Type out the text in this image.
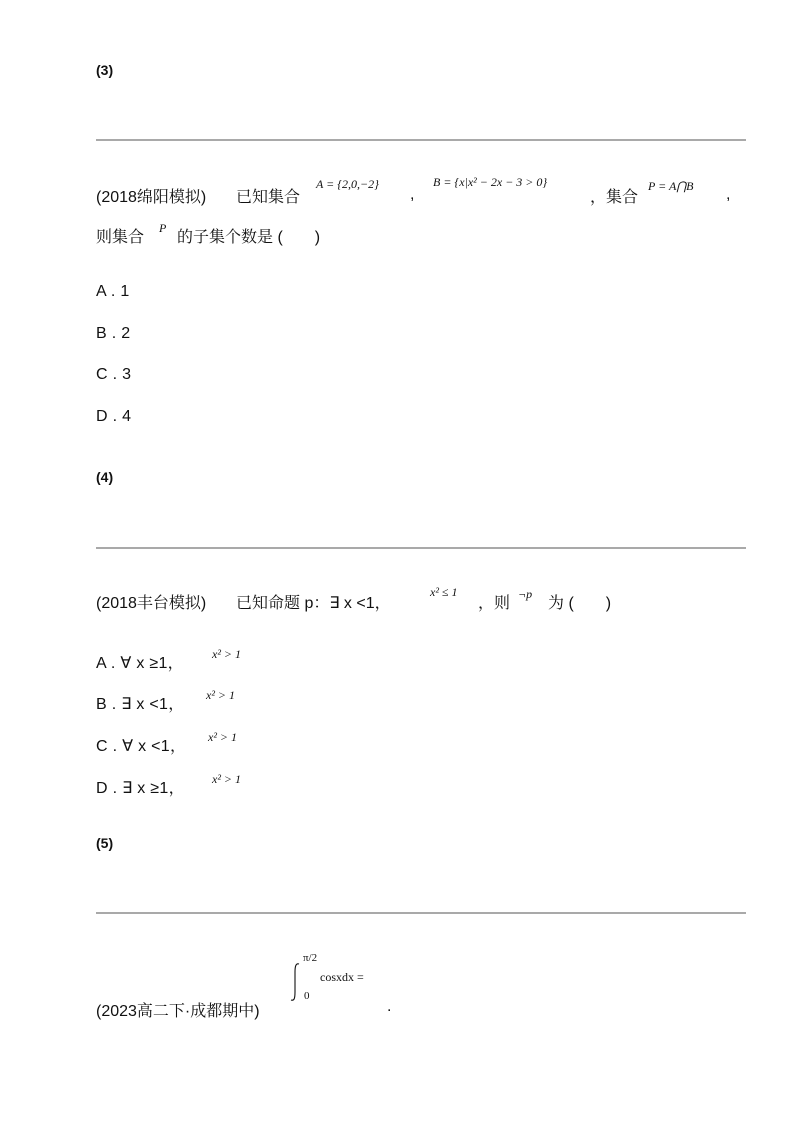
(3)
(2018绵阳模拟) 已知集合
A = {2,0,−2}
,
B = {x|x² − 2x − 3 > 0}
，集合
P = A⋂B ,
则集合
P
的子集个数是 (　　)
A . 1
B . 2
C . 3
D . 4
(4)
(2018丰台模拟) 已知命题 p：∃ x <1，
x² ≤ 1
，则
¬p
为 (　　)
A . ∀ x ≥1，
x² > 1
B . ∃ x <1，
x² > 1
C . ∀ x <1，
x² > 1
D . ∃ x ≥1，
x² > 1
(5)
(2023高二下·成都期中)
π/2
0
cosxdx =
.
